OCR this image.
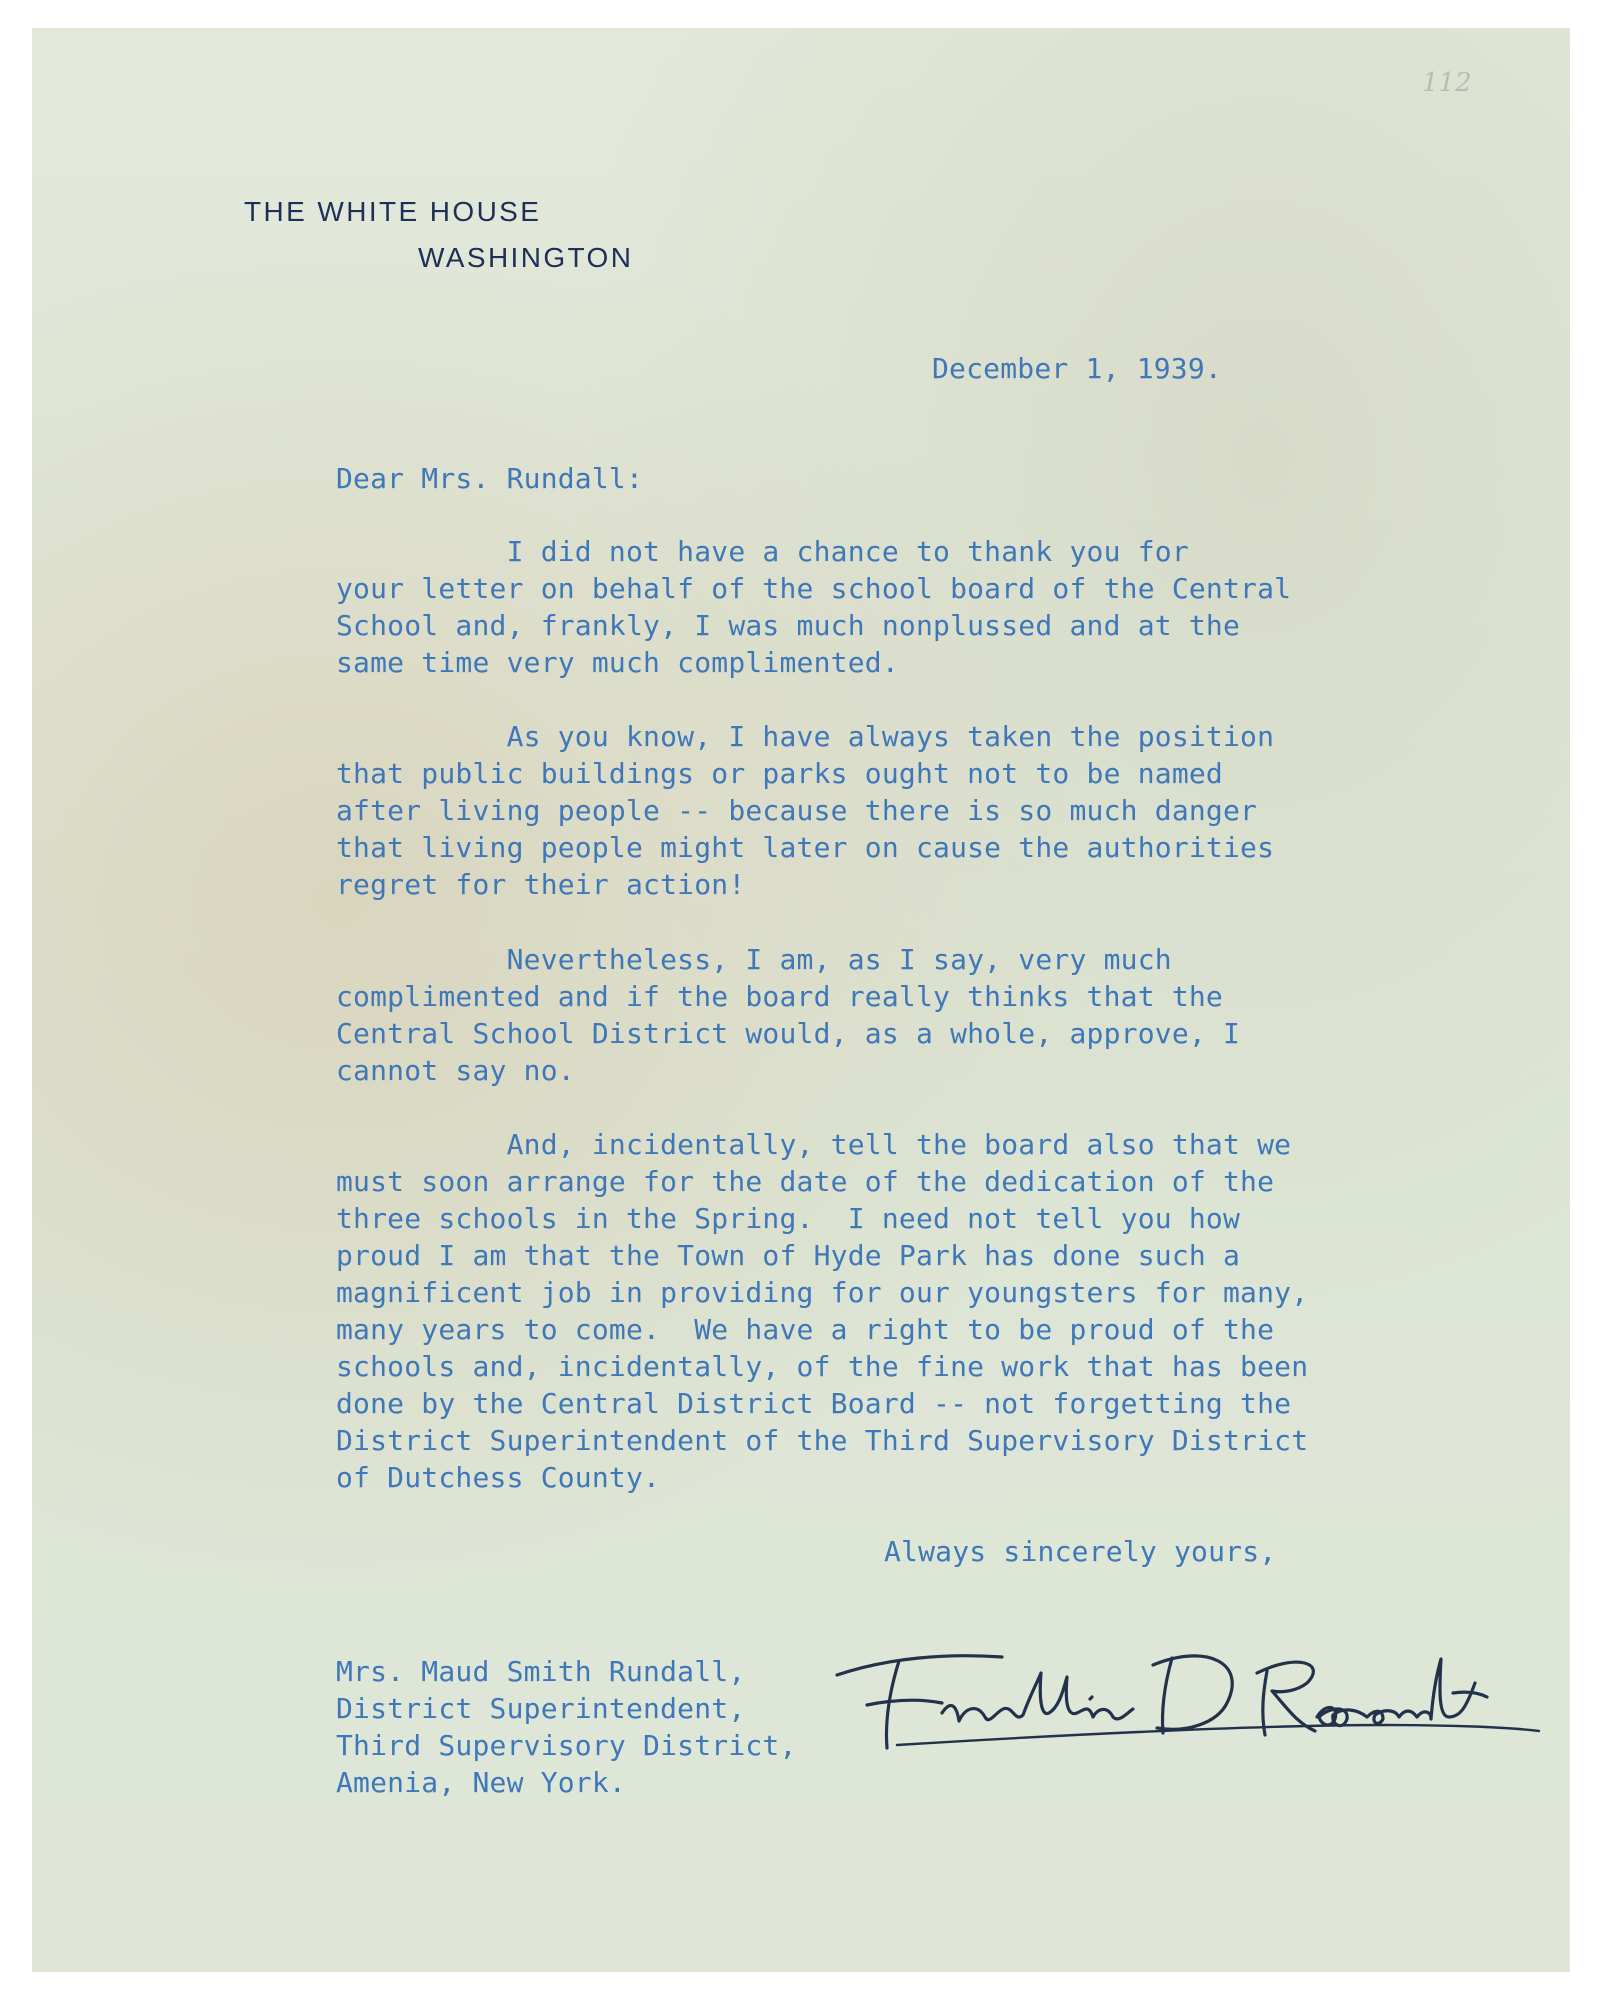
112
THE WHITE HOUSE
WASHINGTON
December 1, 1939.
Dear Mrs. Rundall:
I did not have a chance to thank you for
your letter on behalf of the school board of the Central
School and, frankly, I was much nonplussed and at the
same time very much complimented.
As you know, I have always taken the position
that public buildings or parks ought not to be named
after living people -- because there is so much danger
that living people might later on cause the authorities
regret for their action!
Nevertheless, I am, as I say, very much
complimented and if the board really thinks that the
Central School District would, as a whole, approve, I
cannot say no.
And, incidentally, tell the board also that we
must soon arrange for the date of the dedication of the
three schools in the Spring.  I need not tell you how
proud I am that the Town of Hyde Park has done such a
magnificent job in providing for our youngsters for many,
many years to come.  We have a right to be proud of the
schools and, incidentally, of the fine work that has been
done by the Central District Board -- not forgetting the
District Superintendent of the Third Supervisory District
of Dutchess County.
Always sincerely yours,
Mrs. Maud Smith Rundall,
District Superintendent,
Third Supervisory District,
Amenia, New York.
